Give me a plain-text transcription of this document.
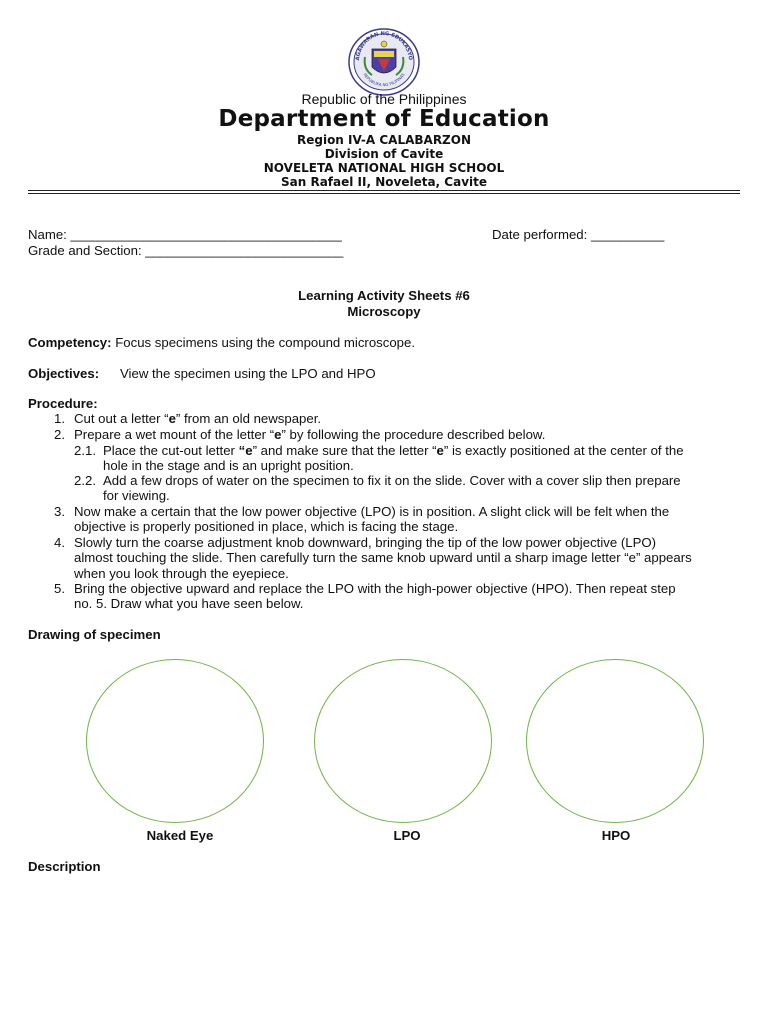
AGAWARAN NG EDUKASYO
REPUBLIKA NG PILIPINAS
Republic of the Philippines
Department of Education
Region IV-A CALABARZON
Division of Cavite
NOVELETA NATIONAL HIGH SCHOOL
San Rafael II, Noveleta, Cavite
Name: _____________________________________	Date performed: __________
Grade and Section: ___________________________
Learning Activity Sheets #6
Microscopy
Competency: Focus specimens using the compound microscope.
Objectives: View the specimen using the LPO and HPO
Procedure:
1. Cut out a letter “e” from an old newspaper.
2. Prepare a wet mount of the letter “e” by following the procedure described below.
2.1. Place the cut-out letter “e” and make sure that the letter “e” is exactly positioned at the center of the
hole in the stage and is an upright position.
2.2. Add a few drops of water on the specimen to fix it on the slide. Cover with a cover slip then prepare
for viewing.
3. Now make a certain that the low power objective (LPO) is in position. A slight click will be felt when the
objective is properly positioned in place, which is facing the stage.
4. Slowly turn the coarse adjustment knob downward, bringing the tip of the low power objective (LPO)
almost touching the slide. Then carefully turn the same knob upward until a sharp image letter “e” appears
when you look through the eyepiece.
5. Bring the objective upward and replace the LPO with the high-power objective (HPO). Then repeat step
no. 5. Draw what you have seen below.
Drawing of specimen
Naked Eye	LPO	HPO
Description
